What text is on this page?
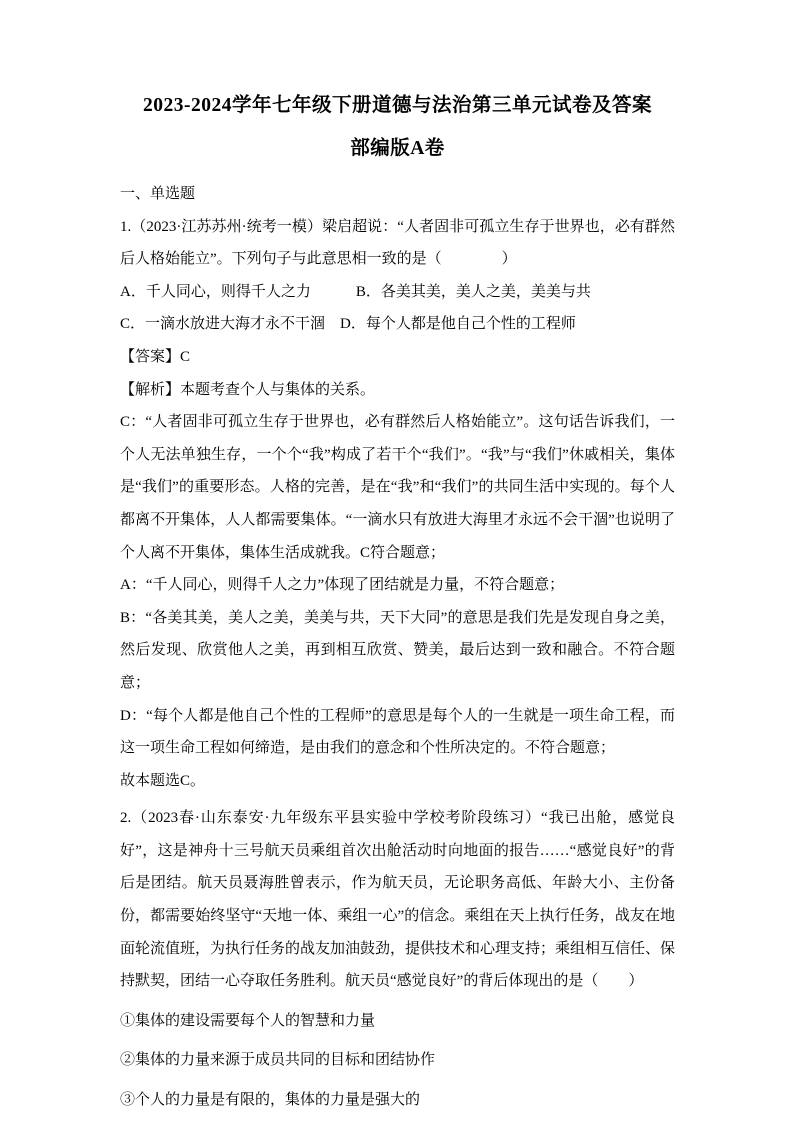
2023-2024学年七年级下册道德与法治第三单元试卷及答案
部编版A卷

一、单选题

1.（2023·江苏苏州·统考一模）梁启超说：“人者固非可孤立生存于世界也，必有群然后人格始能立”。下列句子与此意思相一致的是（　　　　）

A．千人同心，则得千人之力　　　B．各美其美，美人之美，美美与共

C．一滴水放进大海才永不干涸　D．每个人都是他自己个性的工程师

【答案】C

【解析】本题考查个人与集体的关系。

C：“人者固非可孤立生存于世界也，必有群然后人格始能立”。这句话告诉我们，一个人无法单独生存，一个个“我”构成了若干个“我们”。“我”与“我们”休戚相关，集体是“我们”的重要形态。人格的完善，是在“我”和“我们”的共同生活中实现的。每个人都离不开集体，人人都需要集体。“一滴水只有放进大海里才永远不会干涸”也说明了个人离不开集体，集体生活成就我。C符合题意；

A：“千人同心，则得千人之力”体现了团结就是力量，不符合题意；

B：“各美其美，美人之美，美美与共，天下大同”的意思是我们先是发现自身之美，然后发现、欣赏他人之美，再到相互欣赏、赞美，最后达到一致和融合。不符合题意；

D：“每个人都是他自己个性的工程师”的意思是每个人的一生就是一项生命工程，而这一项生命工程如何缔造，是由我们的意念和个性所决定的。不符合题意；

故本题选C。

2.（2023春·山东泰安·九年级东平县实验中学校考阶段练习）“我已出舱，感觉良好”，这是神舟十三号航天员乘组首次出舱活动时向地面的报告……“感觉良好”的背后是团结。航天员聂海胜曾表示，作为航天员，无论职务高低、年龄大小、主份备份，都需要始终坚守“天地一体、乘组一心”的信念。乘组在天上执行任务，战友在地面轮流值班，为执行任务的战友加油鼓劲，提供技术和心理支持；乘组相互信任、保持默契，团结一心夺取任务胜利。航天员“感觉良好”的背后体现出的是（　　）

①集体的建设需要每个人的智慧和力量

②集体的力量来源于成员共同的目标和团结协作

③个人的力量是有限的，集体的力量是强大的
